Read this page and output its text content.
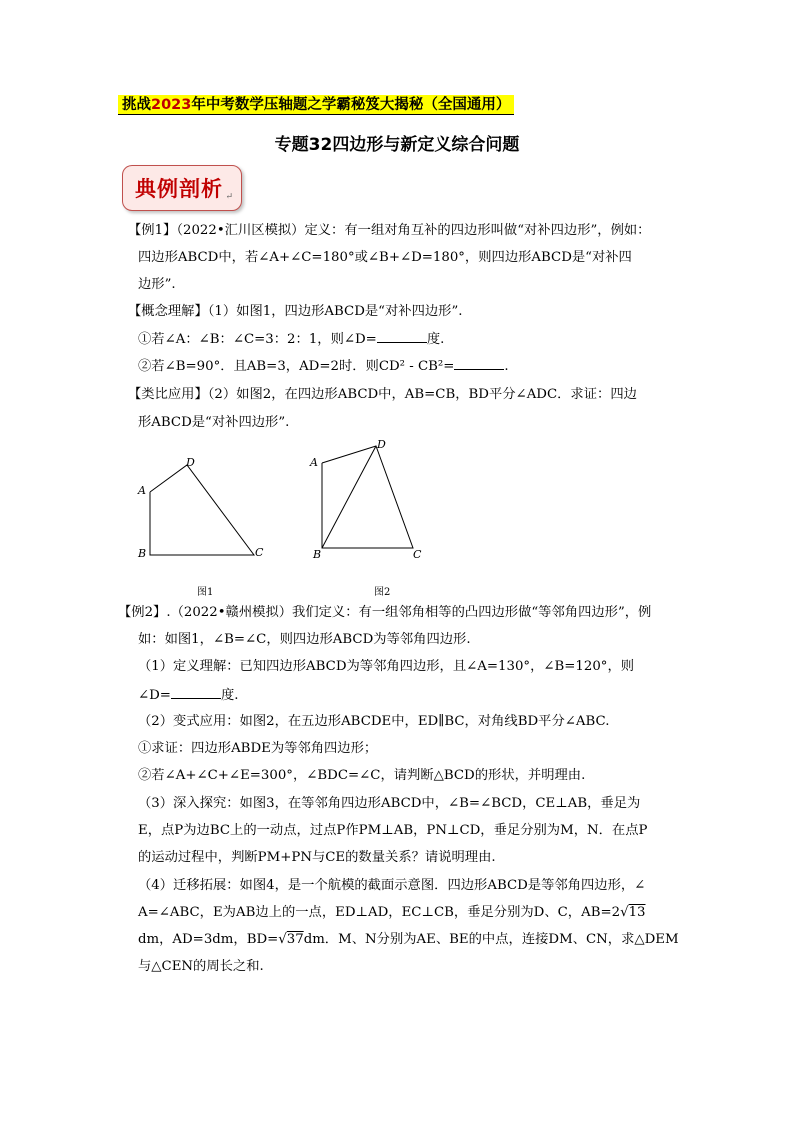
挑战2023年中考数学压轴题之学霸秘笈大揭秘（全国通用）
专题32四边形与新定义综合问题
典例剖析 ↵
【例1】（2022•汇川区模拟）定义：有一组对角互补的四边形叫做“对补四边形”，例如：
四边形ABCD中，若∠A+∠C=180°或∠B+∠D=180°，则四边形ABCD是“对补四
边形”.
【概念理解】（1）如图1，四边形ABCD是“对补四边形”.
①若∠A：∠B：∠C=3：2：1，则∠D=	度.
②若∠B=90°．且AB=3，AD=2时．则CD² - CB²=	.
【类比应用】（2）如图2，在四边形ABCD中，AB=CB，BD平分∠ADC．求证：四边
形ABCD是“对补四边形”.
A
D
B	C
图1
A
D
B	C
图2
【例2】.（2022•赣州模拟）我们定义：有一组邻角相等的凸四边形做“等邻角四边形”，例
如：如图1，∠B=∠C，则四边形ABCD为等邻角四边形.
（1）定义理解：已知四边形ABCD为等邻角四边形，且∠A=130°，∠B=120°，则
∠D=	度.
（2）变式应用：如图2，在五边形ABCDE中，ED∥BC，对角线BD平分∠ABC.
①求证：四边形ABDE为等邻角四边形；
②若∠A+∠C+∠E=300°，∠BDC=∠C，请判断△BCD的形状，并明理由.
（3）深入探究：如图3，在等邻角四边形ABCD中，∠B=∠BCD，CE⊥AB，垂足为
E，点P为边BC上的一动点，过点P作PM⊥AB，PN⊥CD，垂足分别为M，N．在点P
的运动过程中，判断PM+PN与CE的数量关系？请说明理由.
（4）迁移拓展：如图4，是一个航模的截面示意图．四边形ABCD是等邻角四边形，∠
A=∠ABC，E为AB边上的一点，ED⊥AD，EC⊥CB，垂足分别为D、C，AB=2√13
dm，AD=3dm，BD=√37dm．M、N分别为AE、BE的中点，连接DM、CN，求△DEM
与△CEN的周长之和.
